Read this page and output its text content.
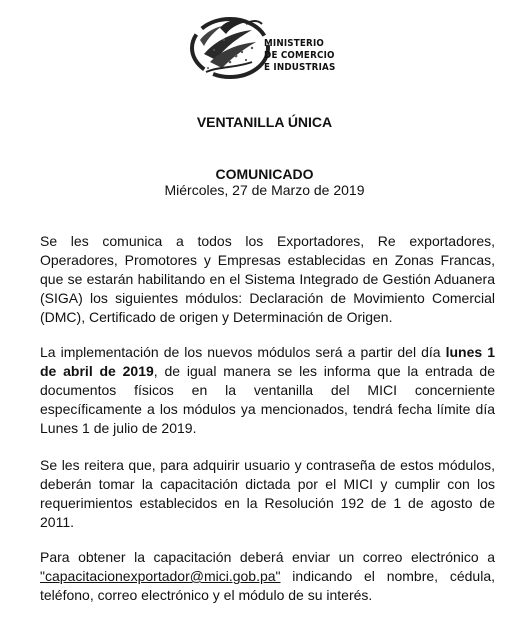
MINISTERIO
DE COMERCIO
E INDUSTRIAS
VENTANILLA ÚNICA
COMUNICADO
Miércoles, 27 de Marzo de 2019
Se les comunica a todos los Exportadores, Re exportadores, Operadores, Promotores y Empresas establecidas en Zonas Francas, que se estarán habilitando en el Sistema Integrado de Gestión Aduanera (SIGA) los siguientes módulos: Declaración de Movimiento Comercial (DMC), Certificado de origen y Determinación de Origen.
La implementación de los nuevos módulos será a partir del día lunes 1 de abril de 2019, de igual manera se les informa que la entrada de documentos físicos en la ventanilla del MICI concerniente específicamente a los módulos ya mencionados, tendrá fecha límite día Lunes 1 de julio de 2019.
Se les reitera que, para adquirir usuario y contraseña de estos módulos, deberán tomar la capacitación dictada por el MICI y cumplir con los requerimientos establecidos en la Resolución 192 de 1 de agosto de 2011.
Para obtener la capacitación deberá enviar un correo electrónico a "capacitacionexportador@mici.gob.pa" indicando el nombre, cédula, teléfono, correo electrónico y el módulo de su interés.
